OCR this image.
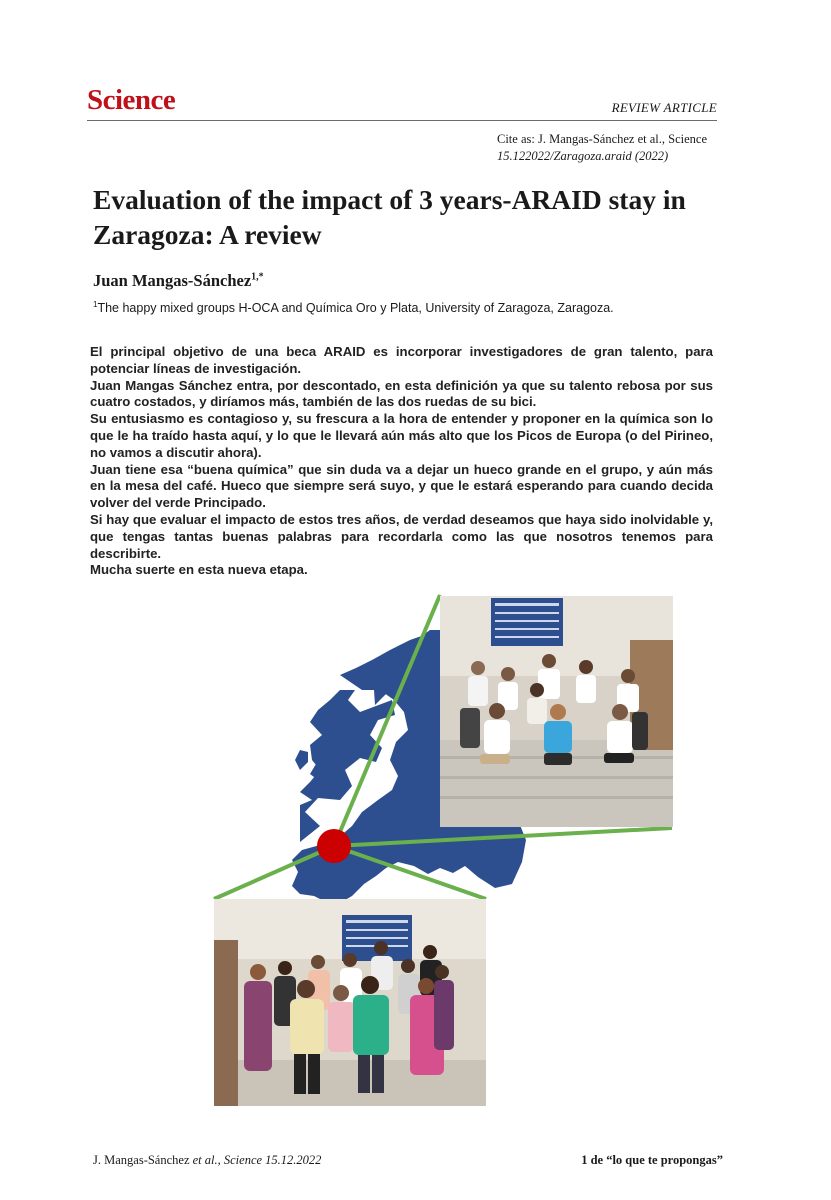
Science	REVIEW ARTICLE
Cite as: J. Mangas-Sánchez et al., Science
15.122022/Zaragoza.araid (2022)
Evaluation of the impact of 3 years-ARAID stay in Zaragoza: A review
Juan Mangas-Sánchez$^{1,*}$
$^1$The happy mixed groups H-OCA and Química Oro y Plata, University of Zaragoza, Zaragoza.

El principal objetivo de una beca ARAID es incorporar investigadores de gran talento, para potenciar líneas de investigación.

Juan Mangas Sánchez entra, por descontado, en esta definición ya que su talento rebosa por sus cuatro costados, y diríamos más, también de las dos ruedas de su bici.

Su entusiasmo es contagioso y, su frescura a la hora de entender y proponer en la química son lo que le ha traído hasta aquí, y lo que le llevará aún más alto que los Picos de Europa (o del Pirineo, no vamos a discutir ahora).

Juan tiene esa “buena química” que sin duda va a dejar un hueco grande en el grupo, y aún más en la mesa del café. Hueco que siempre será suyo, y que le estará esperando para cuando decida volver del verde Principado.

Si hay que evaluar el impacto de estos tres años, de verdad deseamos que haya sido inolvidable y, que tengas tantas buenas palabras para recordarla como las que nosotros tenemos para describirte.

Mucha suerte en esta nueva etapa.

J. Mangas-Sánchez et al., Science 15.12.2022	1 de “lo que te propongas”
